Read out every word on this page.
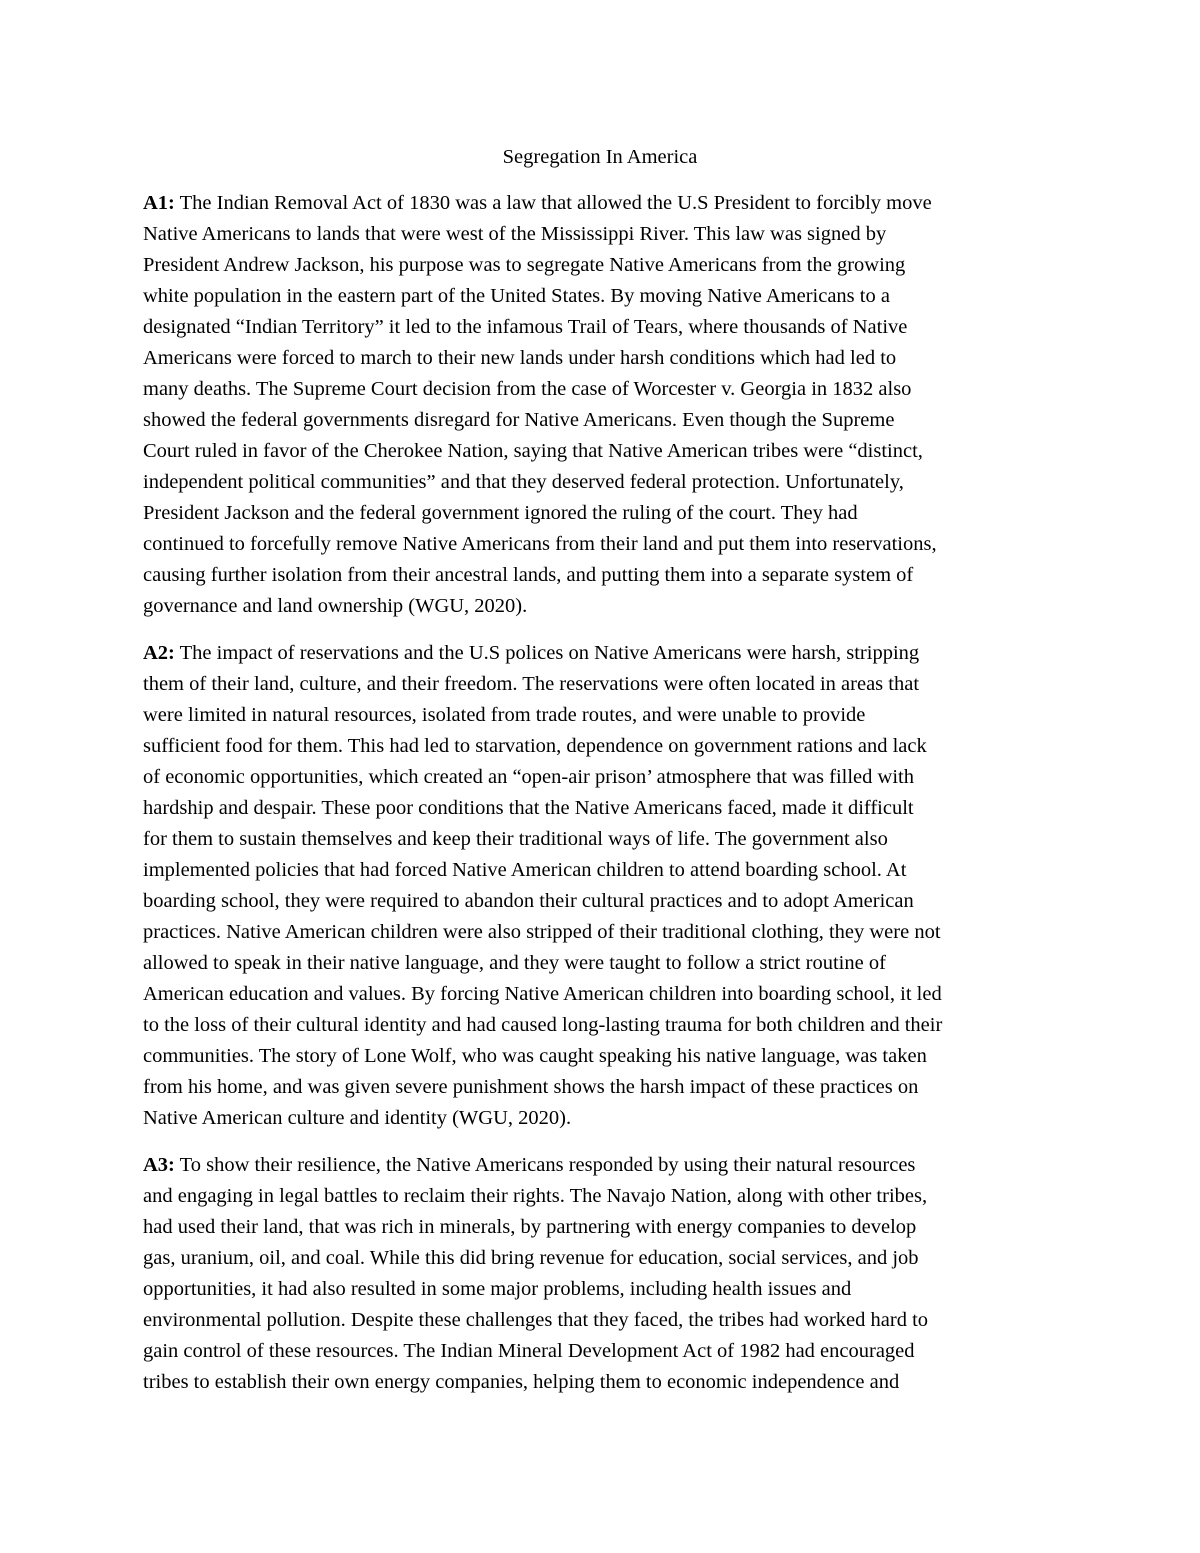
Segregation In America
A1: The Indian Removal Act of 1830 was a law that allowed the U.S President to forcibly move
Native Americans to lands that were west of the Mississippi River. This law was signed by
President Andrew Jackson, his purpose was to segregate Native Americans from the growing
white population in the eastern part of the United States. By moving Native Americans to a
designated “Indian Territory” it led to the infamous Trail of Tears, where thousands of Native
Americans were forced to march to their new lands under harsh conditions which had led to
many deaths. The Supreme Court decision from the case of Worcester v. Georgia in 1832 also
showed the federal governments disregard for Native Americans. Even though the Supreme
Court ruled in favor of the Cherokee Nation, saying that Native American tribes were “distinct,
independent political communities” and that they deserved federal protection. Unfortunately,
President Jackson and the federal government ignored the ruling of the court. They had
continued to forcefully remove Native Americans from their land and put them into reservations,
causing further isolation from their ancestral lands, and putting them into a separate system of
governance and land ownership (WGU, 2020).
A2: The impact of reservations and the U.S polices on Native Americans were harsh, stripping
them of their land, culture, and their freedom. The reservations were often located in areas that
were limited in natural resources, isolated from trade routes, and were unable to provide
sufficient food for them. This had led to starvation, dependence on government rations and lack
of economic opportunities, which created an “open-air prison’ atmosphere that was filled with
hardship and despair. These poor conditions that the Native Americans faced, made it difficult
for them to sustain themselves and keep their traditional ways of life. The government also
implemented policies that had forced Native American children to attend boarding school. At
boarding school, they were required to abandon their cultural practices and to adopt American
practices. Native American children were also stripped of their traditional clothing, they were not
allowed to speak in their native language, and they were taught to follow a strict routine of
American education and values. By forcing Native American children into boarding school, it led
to the loss of their cultural identity and had caused long-lasting trauma for both children and their
communities. The story of Lone Wolf, who was caught speaking his native language, was taken
from his home, and was given severe punishment shows the harsh impact of these practices on
Native American culture and identity (WGU, 2020).
A3: To show their resilience, the Native Americans responded by using their natural resources
and engaging in legal battles to reclaim their rights. The Navajo Nation, along with other tribes,
had used their land, that was rich in minerals, by partnering with energy companies to develop
gas, uranium, oil, and coal. While this did bring revenue for education, social services, and job
opportunities, it had also resulted in some major problems, including health issues and
environmental pollution. Despite these challenges that they faced, the tribes had worked hard to
gain control of these resources. The Indian Mineral Development Act of 1982 had encouraged
tribes to establish their own energy companies, helping them to economic independence and
